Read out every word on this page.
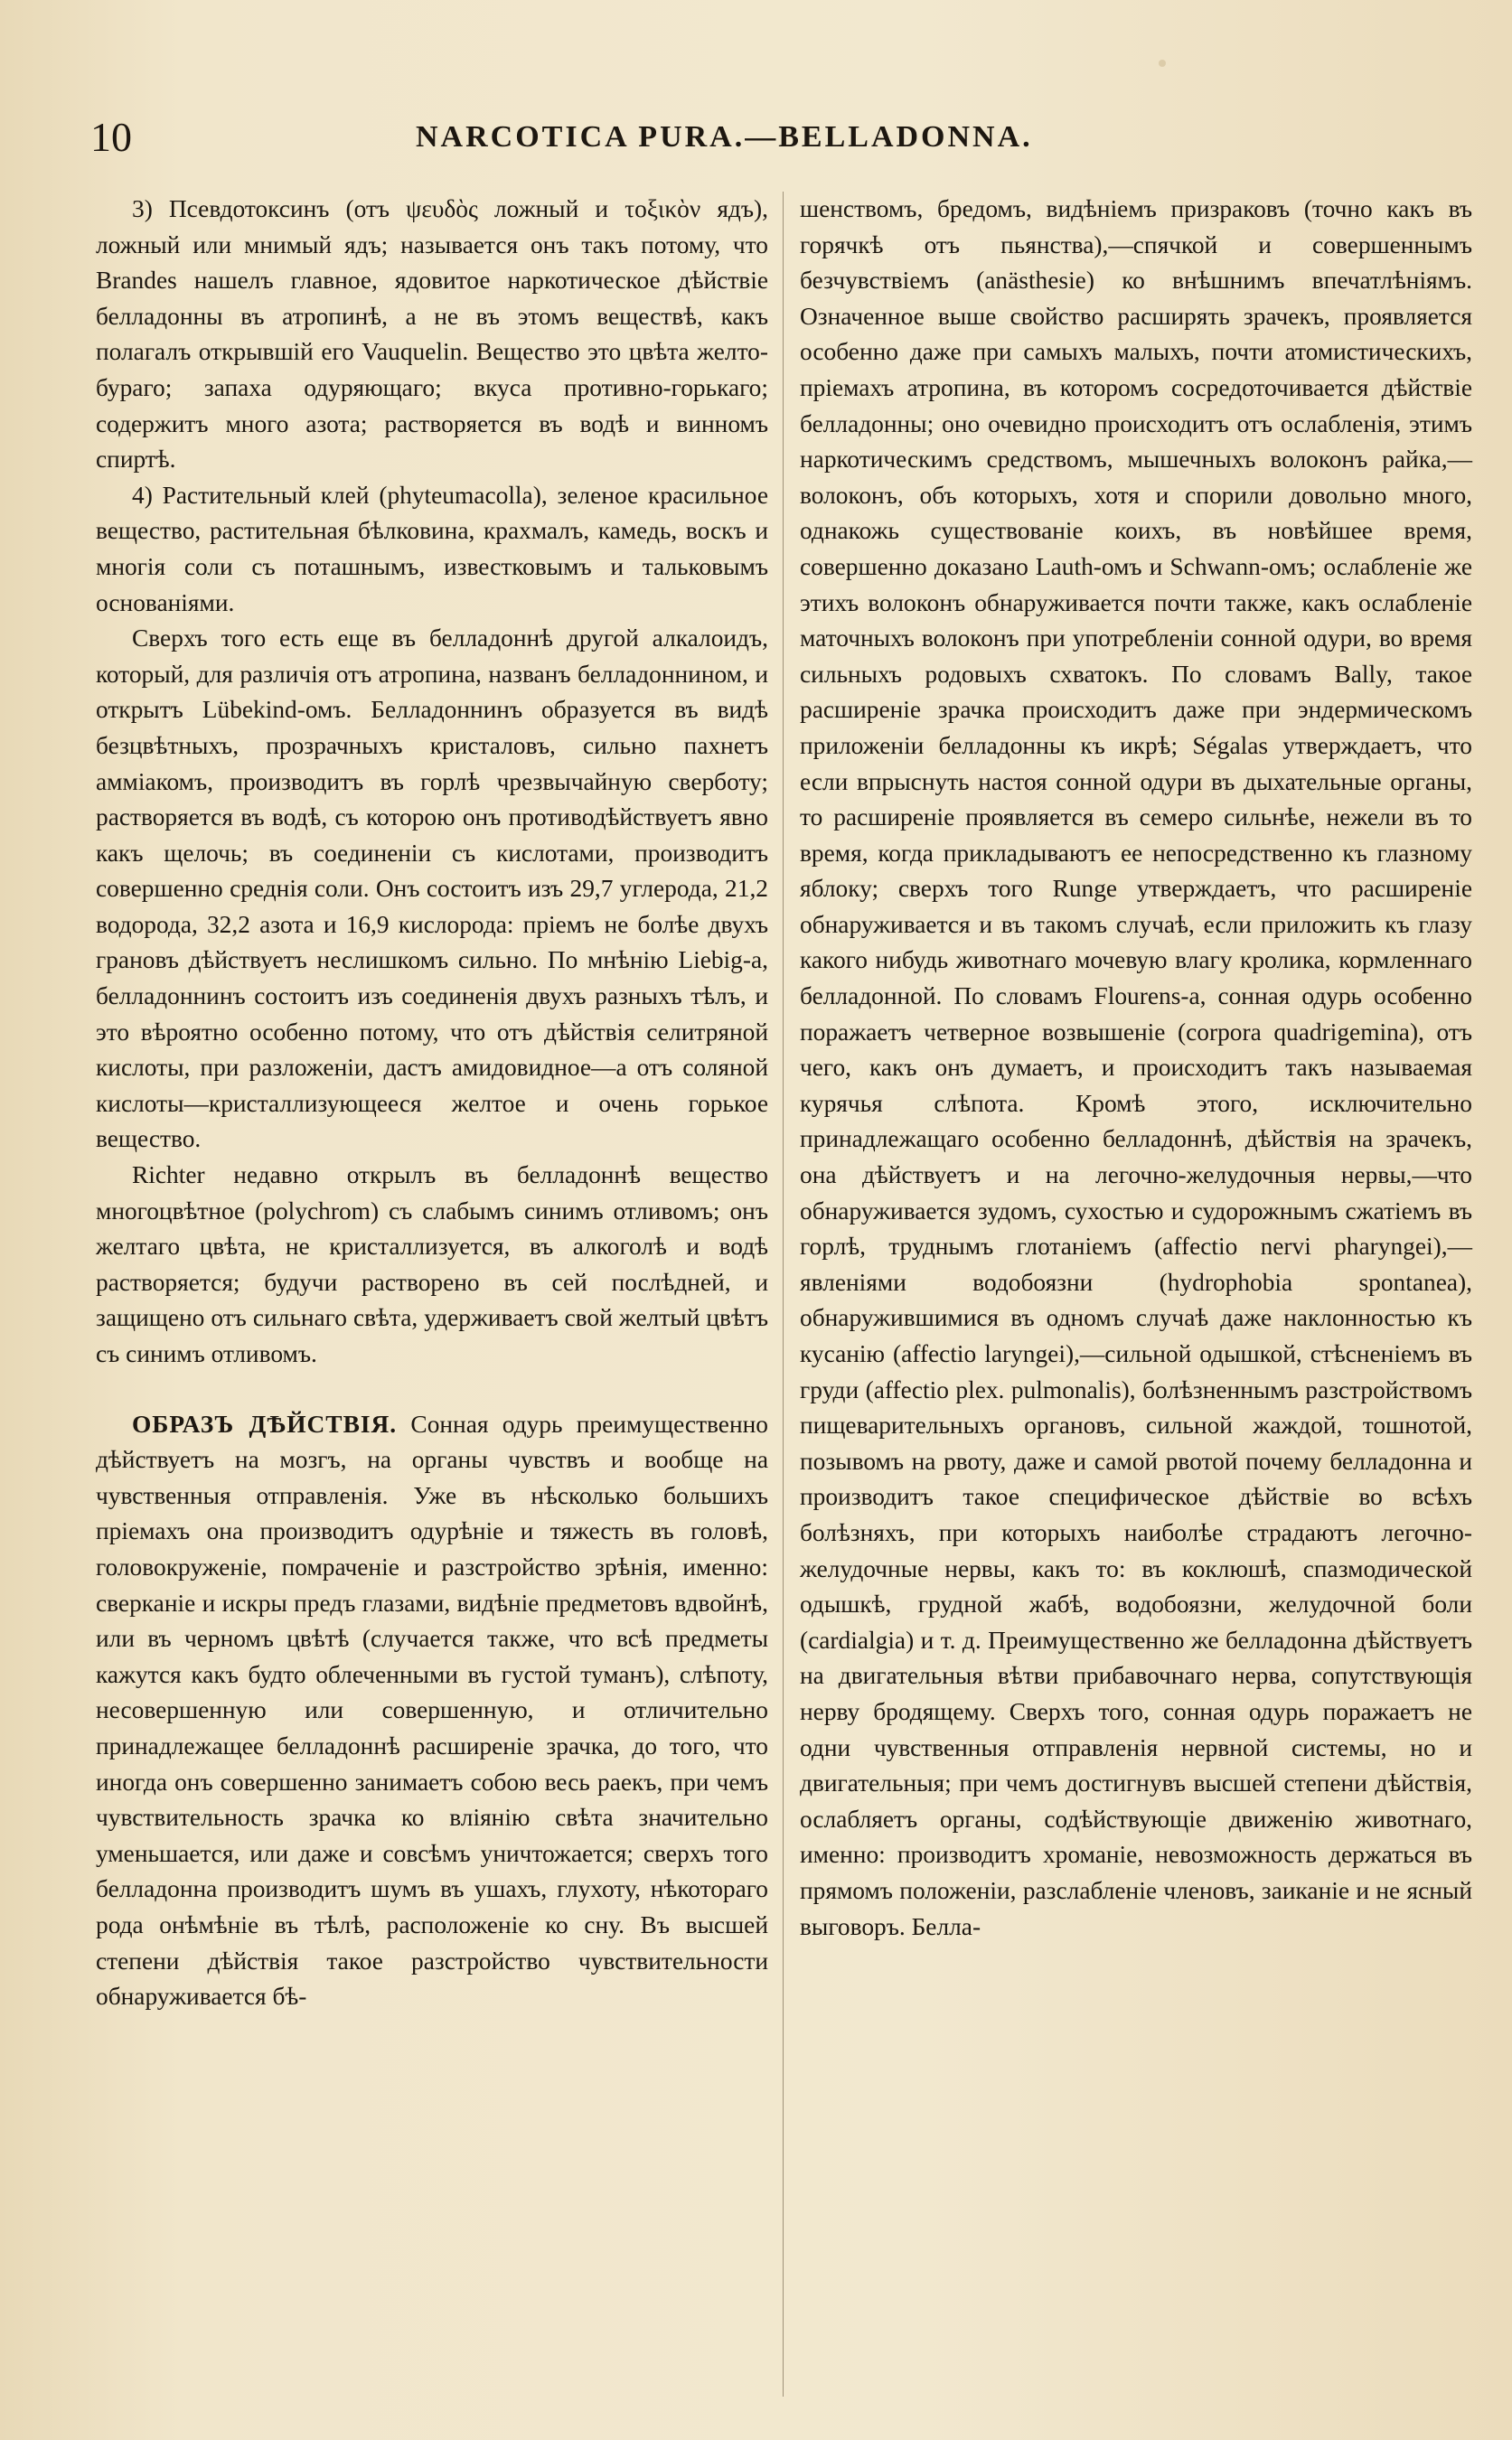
10	NARCOTICA PURA.—BELLADONNA.

3) Псевдотоксинъ (отъ ψευδὸς ложный и τοξικὸν ядъ), ложный или мнимый ядъ; называется онъ такъ потому, что Brandes нашелъ главное, ядовитое наркотическое дѣйствіе белладонны въ атропинѣ, а не въ этомъ веществѣ, какъ полагалъ открывшій его Vauquelin. Вещество это цвѣта желто-бураго; запаха одуряющаго; вкуса противно-горькаго; содержитъ много азота; растворяется въ водѣ и винномъ спиртѣ.

4) Растительный клей (phyteumacolla), зеленое красильное вещество, растительная бѣлковина, крахмалъ, камедь, воскъ и многія соли съ поташнымъ, известковымъ и тальковымъ основаніями.

Сверхъ того есть еще въ белладоннѣ другой алкалоидъ, который, для различія отъ атропина, названъ белладоннином, и открытъ Lübekind-омъ. Белладоннинъ образуется въ видѣ безцвѣтныхъ, прозрачныхъ кристаловъ, сильно пахнетъ амміакомъ, производитъ въ горлѣ чрезвычайную сверботу; растворяется въ водѣ, съ которою онъ противодѣйствуетъ явно какъ щелочь; въ соединеніи съ кислотами, производитъ совершенно среднія соли. Онъ состоитъ изъ 29,7 углерода, 21,2 водорода, 32,2 азота и 16,9 кислорода: пріемъ не болѣе двухъ грановъ дѣйствуетъ неслишкомъ сильно. По мнѣнію Liebig-а, белладоннинъ состоитъ изъ соединенія двухъ разныхъ тѣлъ, и это вѣроятно особенно потому, что отъ дѣйствія селитряной кислоты, при разложеніи, дастъ амидовидное—а отъ соляной кислоты—кристаллизующееся желтое и очень горькое вещество.

Richter недавно открылъ въ белладоннѣ вещество многоцвѣтное (polychrom) съ слабымъ синимъ отливомъ; онъ желтаго цвѣта, не кристаллизуется, въ алкоголѣ и водѣ растворяется; будучи растворено въ сей послѣдней, и защищено отъ сильнаго свѣта, удерживаетъ свой желтый цвѣтъ съ синимъ отливомъ.

ОБРАЗЪ ДѢЙСТВІЯ. Сонная одурь преимущественно дѣйствуетъ на мозгъ, на органы чувствъ и вообще на чувственныя отправленія. Уже въ нѣсколько большихъ пріемахъ она производитъ одурѣніе и тяжесть въ головѣ, головокруженіе, помраченіе и разстройство зрѣнія, именно: сверканіе и искры предъ глазами, видѣніе предметовъ вдвойнѣ, или въ черномъ цвѣтѣ (случается также, что всѣ предметы кажутся какъ будто облеченными въ густой туманъ), слѣпоту, несовершенную или совершенную, и отличительно принадлежащее белладоннѣ расширеніе зрачка, до того, что иногда онъ совершенно занимаетъ собою весь раекъ, при чемъ чувствительность зрачка ко вліянію свѣта значительно уменьшается, или даже и совсѣмъ уничтожается; сверхъ того белладонна производитъ шумъ въ ушахъ, глухоту, нѣкотораго рода онѣмѣніе въ тѣлѣ, расположеніе ко сну. Въ высшей степени дѣйствія такое разстройство чувствительности обнаруживается бѣ-

шенствомъ, бредомъ, видѣніемъ призраковъ (точно какъ въ горячкѣ отъ пьянства),—спячкой и совершеннымъ безчувствіемъ (anästhesie) ко внѣшнимъ впечатлѣніямъ. Означенное выше свойство расширять зрачекъ, проявляется особенно даже при самыхъ малыхъ, почти атомистическихъ, пріемахъ атропина, въ которомъ сосредоточивается дѣйствіе белладонны; оно очевидно происходитъ отъ ослабленія, этимъ наркотическимъ средствомъ, мышечныхъ волоконъ райка,—волоконъ, объ которыхъ, хотя и спорили довольно много, однакожь существованіе коихъ, въ новѣйшее время, совершенно доказано Lauth-омъ и Schwann-омъ; ослабленіе же этихъ волоконъ обнаруживается почти также, какъ ослабленіе маточныхъ волоконъ при употребленіи сонной одури, во время сильныхъ родовыхъ схватокъ. По словамъ Bally, такое расширеніе зрачка происходитъ даже при эндермическомъ приложеніи белладонны къ икрѣ; Ségalas утверждаетъ, что если впрыснуть настоя сонной одури въ дыхательные органы, то расширеніе проявляется въ семеро сильнѣе, нежели въ то время, когда прикладываютъ ее непосредственно къ глазному яблоку; сверхъ того Runge утверждаетъ, что расширеніе обнаруживается и въ такомъ случаѣ, если приложить къ глазу какого нибудь животнаго мочевую влагу кролика, кормленнаго белладонной. По словамъ Flourens-а, сонная одурь особенно поражаетъ четверное возвышеніе (corpora quadrigemina), отъ чего, какъ онъ думаетъ, и происходитъ такъ называемая курячья слѣпота. Кромѣ этого, исключительно принадлежащаго особенно белладоннѣ, дѣйствія на зрачекъ, она дѣйствуетъ и на легочно-желудочныя нервы,—что обнаруживается зудомъ, сухостью и судорожнымъ сжатіемъ въ горлѣ, труднымъ глотаніемъ (affectio nervi pharyngei),— явленіями водобоязни (hydrophobia spontanea), обнаружившимися въ одномъ случаѣ даже наклонностью къ кусанію (affectio laryngei),—сильной одышкой, стѣсненіемъ въ груди (affectio plex. pulmonalis), болѣзненнымъ разстройствомъ пищеварительныхъ органовъ, сильной жаждой, тошнотой, позывомъ на рвоту, даже и самой рвотой почему белладонна и производитъ такое специфическое дѣйствіе во всѣхъ болѣзняхъ, при которыхъ наиболѣе страдаютъ легочно-желудочные нервы, какъ то: въ коклюшѣ, спазмодической одышкѣ, грудной жабѣ, водобоязни, желудочной боли (cardialgia) и т. д. Преимущественно же белладонна дѣйствуетъ на двигательныя вѣтви прибавочнаго нерва, сопутствующія нерву бродящему. Сверхъ того, сонная одурь поражаетъ не одни чувственныя отправленія нервной системы, но и двигательныя; при чемъ достигнувъ высшей степени дѣйствія, ослабляетъ органы, содѣйствующіе движенію животнаго, именно: производитъ хроманіе, невозможность держаться въ прямомъ положеніи, разслабленіе членовъ, заиканіе и не ясный выговоръ. Белла-
